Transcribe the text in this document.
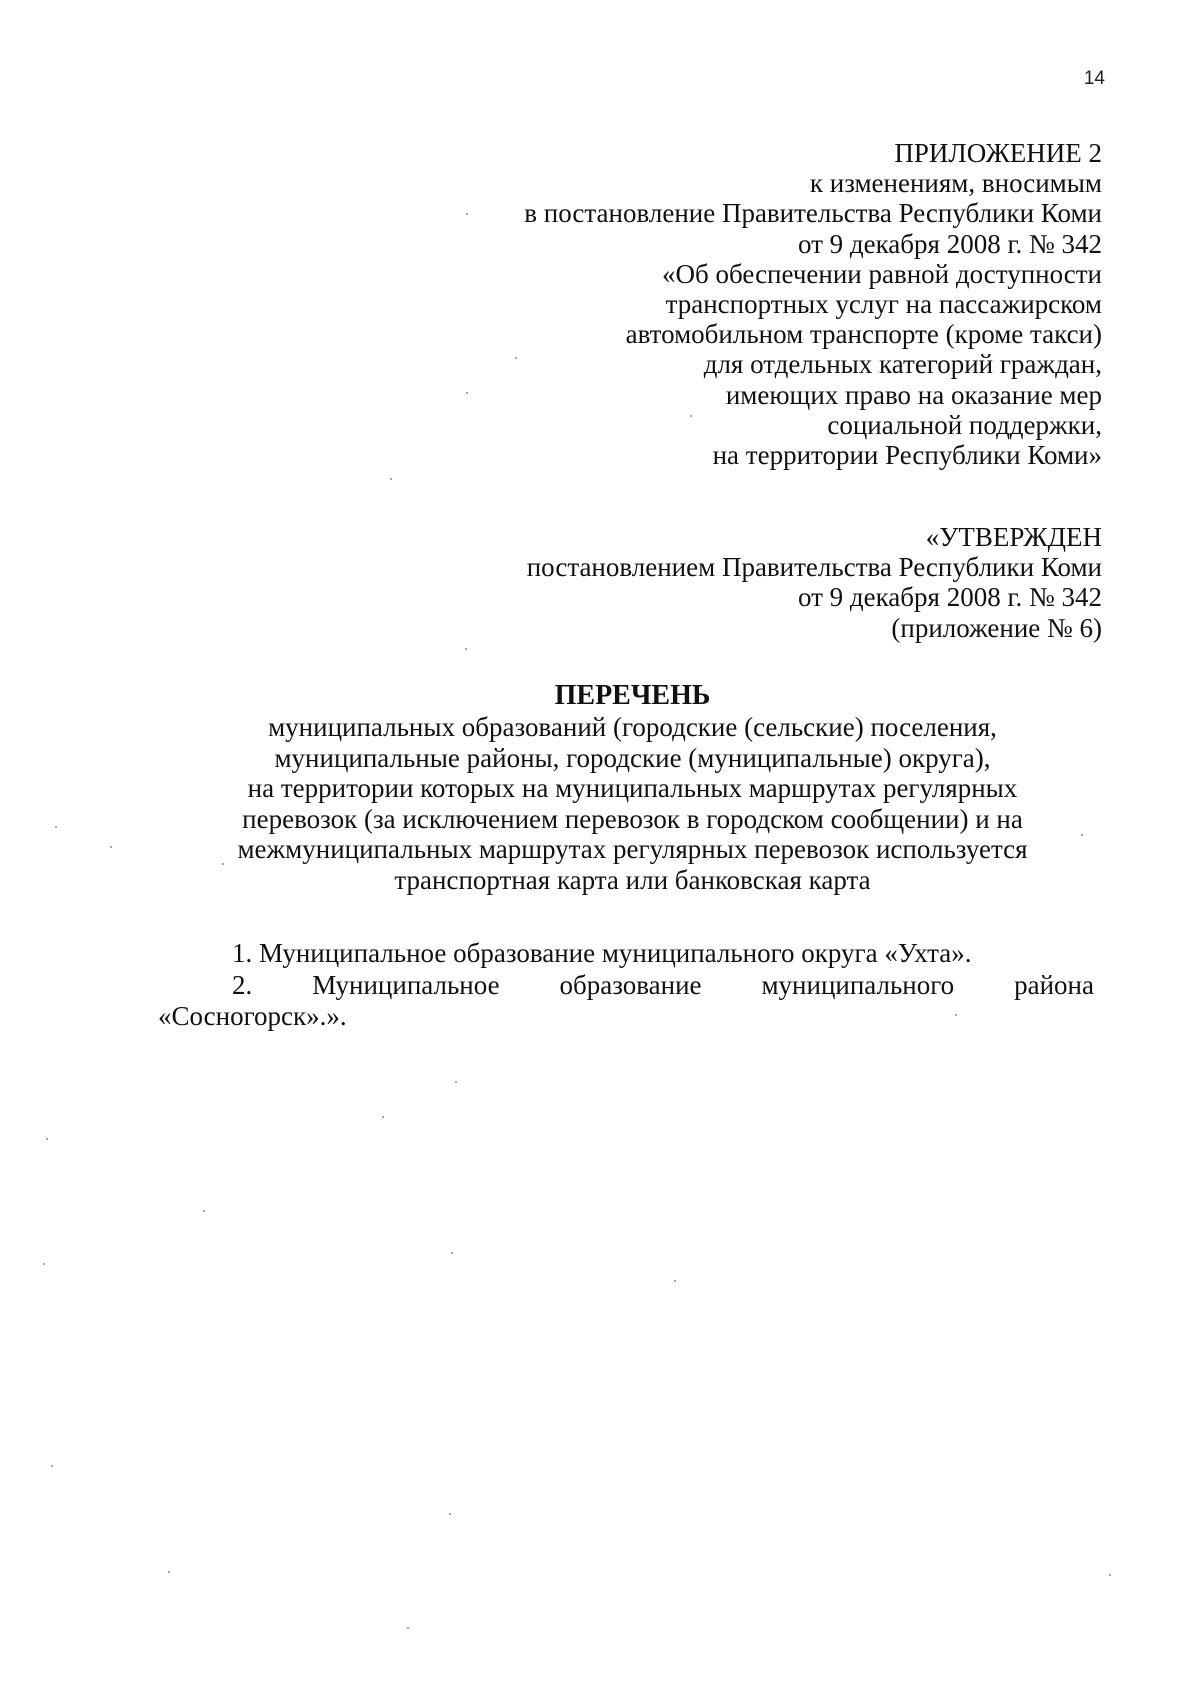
14
ПРИЛОЖЕНИЕ 2
к изменениям, вносимым
в постановление Правительства Республики Коми
от 9 декабря 2008 г. № 342
«Об обеспечении равной доступности
транспортных услуг на пассажирском
автомобильном транспорте (кроме такси)
для отдельных категорий граждан,
имеющих право на оказание мер
социальной поддержки,
на территории Республики Коми»
«УТВЕРЖДЕН
постановлением Правительства Республики Коми
от 9 декабря 2008 г. № 342
(приложение № 6)
ПЕРЕЧЕНЬ
муниципальных образований (городские (сельские) поселения,
муниципальные районы, городские (муниципальные) округа),
на территории которых на муниципальных маршрутах регулярных
перевозок (за исключением перевозок в городском сообщении) и на
межмуниципальных маршрутах регулярных перевозок используется
транспортная карта или банковская карта
1. Муниципальное образование муниципального округа «Ухта».
2. Муниципальное образование муниципального района
«Сосногорск».».
